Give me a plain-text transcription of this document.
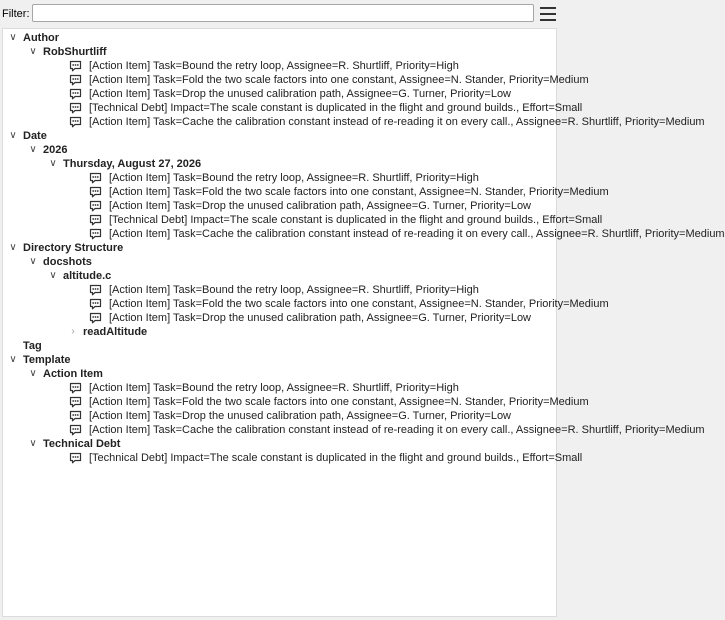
Filter:
∨ Author
∨ RobShurtliff
[Action Item] Task=Bound the retry loop, Assignee=R. Shurtliff, Priority=High
[Action Item] Task=Fold the two scale factors into one constant, Assignee=N. Stander, Priority=Medium
[Action Item] Task=Drop the unused calibration path, Assignee=G. Turner, Priority=Low
[Technical Debt] Impact=The scale constant is duplicated in the flight and ground builds., Effort=Small
[Action Item] Task=Cache the calibration constant instead of re-reading it on every call., Assignee=R. Shurtliff, Priority=Medium
∨ Date
∨ 2026
∨ Thursday, August 27, 2026
[Action Item] Task=Bound the retry loop, Assignee=R. Shurtliff, Priority=High
[Action Item] Task=Fold the two scale factors into one constant, Assignee=N. Stander, Priority=Medium
[Action Item] Task=Drop the unused calibration path, Assignee=G. Turner, Priority=Low
[Technical Debt] Impact=The scale constant is duplicated in the flight and ground builds., Effort=Small
[Action Item] Task=Cache the calibration constant instead of re-reading it on every call., Assignee=R. Shurtliff, Priority=Medium
∨ Directory Structure
∨ docshots
∨ altitude.c
[Action Item] Task=Bound the retry loop, Assignee=R. Shurtliff, Priority=High
[Action Item] Task=Fold the two scale factors into one constant, Assignee=N. Stander, Priority=Medium
[Action Item] Task=Drop the unused calibration path, Assignee=G. Turner, Priority=Low
› readAltitude
Tag
∨ Template
∨ Action Item
[Action Item] Task=Bound the retry loop, Assignee=R. Shurtliff, Priority=High
[Action Item] Task=Fold the two scale factors into one constant, Assignee=N. Stander, Priority=Medium
[Action Item] Task=Drop the unused calibration path, Assignee=G. Turner, Priority=Low
[Action Item] Task=Cache the calibration constant instead of re-reading it on every call., Assignee=R. Shurtliff, Priority=Medium
∨ Technical Debt
[Technical Debt] Impact=The scale constant is duplicated in the flight and ground builds., Effort=Small
